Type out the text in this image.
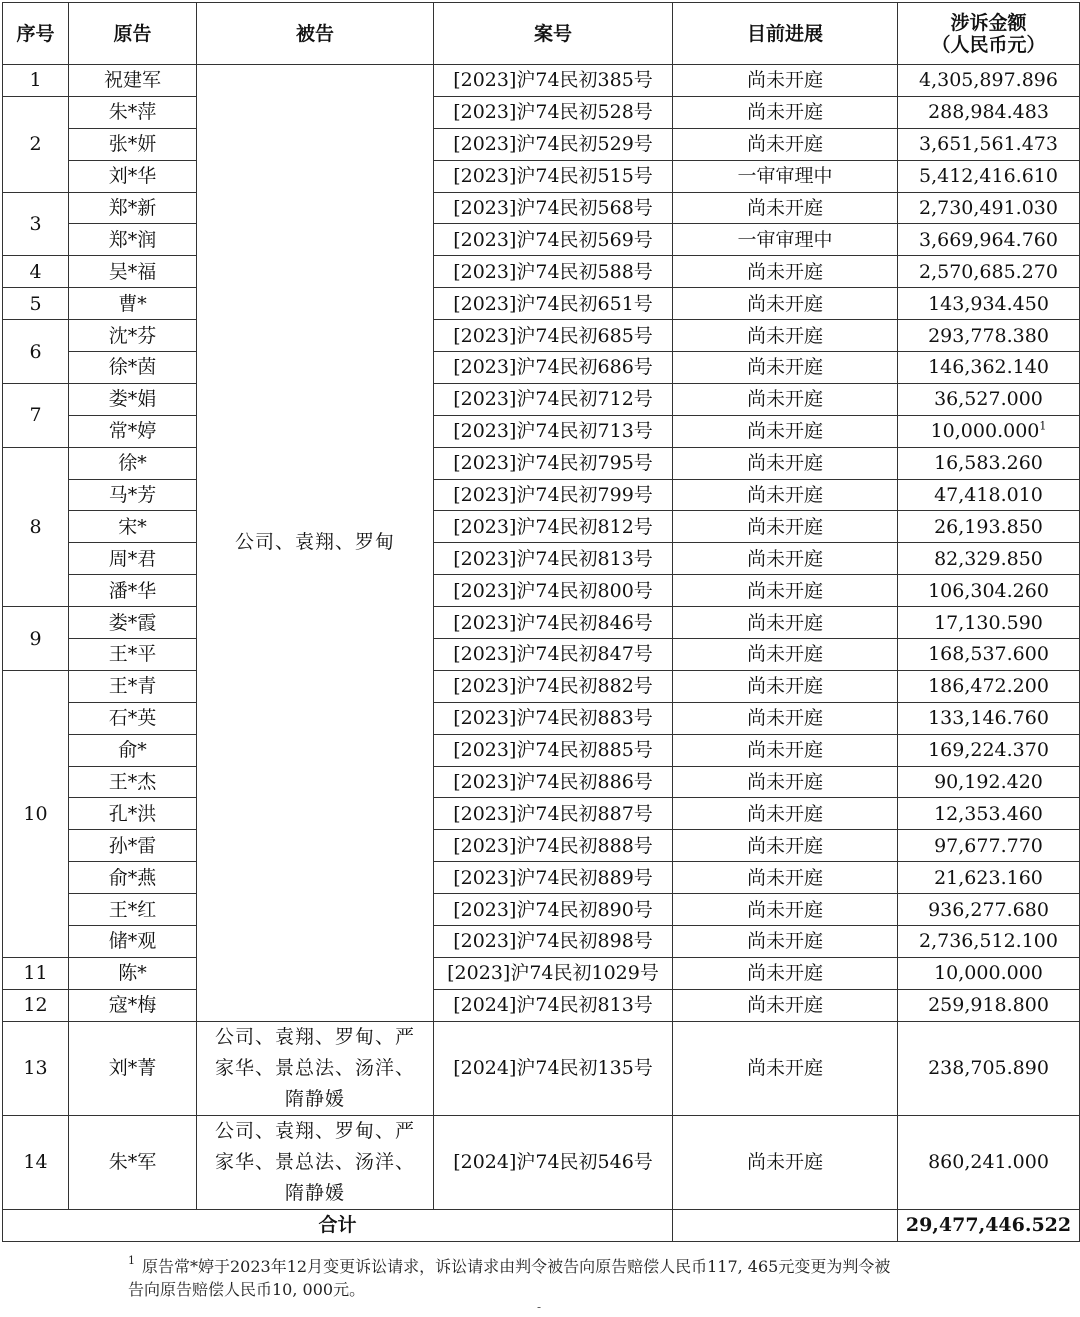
序号	原告	被告	案号	目前进展	涉诉金额
（人民币元）
1	祝建军	公司、袁翔、罗甸	[2023]沪74民初385号	尚未开庭	4,305,897.896
2	朱*萍		[2023]沪74民初528号	尚未开庭	288,984.483
	张*妍		[2023]沪74民初529号	尚未开庭	3,651,561.473
	刘*华		[2023]沪74民初515号	一审审理中	5,412,416.610
3	郑*新		[2023]沪74民初568号	尚未开庭	2,730,491.030
	郑*润		[2023]沪74民初569号	一审审理中	3,669,964.760
4	吴*福		[2023]沪74民初588号	尚未开庭	2,570,685.270
5	曹*		[2023]沪74民初651号	尚未开庭	143,934.450
6	沈*芬		[2023]沪74民初685号	尚未开庭	293,778.380
	徐*茵		[2023]沪74民初686号	尚未开庭	146,362.140
7	娄*娟		[2023]沪74民初712号	尚未开庭	36,527.000
	常*婷		[2023]沪74民初713号	尚未开庭	10,000.000$^1$
8	徐*		[2023]沪74民初795号	尚未开庭	16,583.260
	马*芳		[2023]沪74民初799号	尚未开庭	47,418.010
	宋*		[2023]沪74民初812号	尚未开庭	26,193.850
	周*君		[2023]沪74民初813号	尚未开庭	82,329.850
	潘*华		[2023]沪74民初800号	尚未开庭	106,304.260
9	娄*霞		[2023]沪74民初846号	尚未开庭	17,130.590
	王*平		[2023]沪74民初847号	尚未开庭	168,537.600
10	王*青		[2023]沪74民初882号	尚未开庭	186,472.200
	石*英		[2023]沪74民初883号	尚未开庭	133,146.760
	俞*		[2023]沪74民初885号	尚未开庭	169,224.370
	王*杰		[2023]沪74民初886号	尚未开庭	90,192.420
	孔*洪		[2023]沪74民初887号	尚未开庭	12,353.460
	孙*雷		[2023]沪74民初888号	尚未开庭	97,677.770
	俞*燕		[2023]沪74民初889号	尚未开庭	21,623.160
	王*红		[2023]沪74民初890号	尚未开庭	936,277.680
	储*观		[2023]沪74民初898号	尚未开庭	2,736,512.100
11	陈*		[2023]沪74民初1029号	尚未开庭	10,000.000
12	寇*梅		[2024]沪74民初813号	尚未开庭	259,918.800
13	刘*菁	公司、袁翔、罗甸、严
家华、景总法、汤洋、
隋静媛	[2024]沪74民初135号	尚未开庭	238,705.890
14	朱*军	公司、袁翔、罗甸、严
家华、景总法、汤洋、
隋静媛	[2024]沪74民初546号	尚未开庭	860,241.000
合计					29,477,446.522
1 原告常*婷于2023年12月变更诉讼请求，诉讼请求由判令被告向原告赔偿人民币117, 465元变更为判令被
告向原告赔偿人民币10, 000元。
-
